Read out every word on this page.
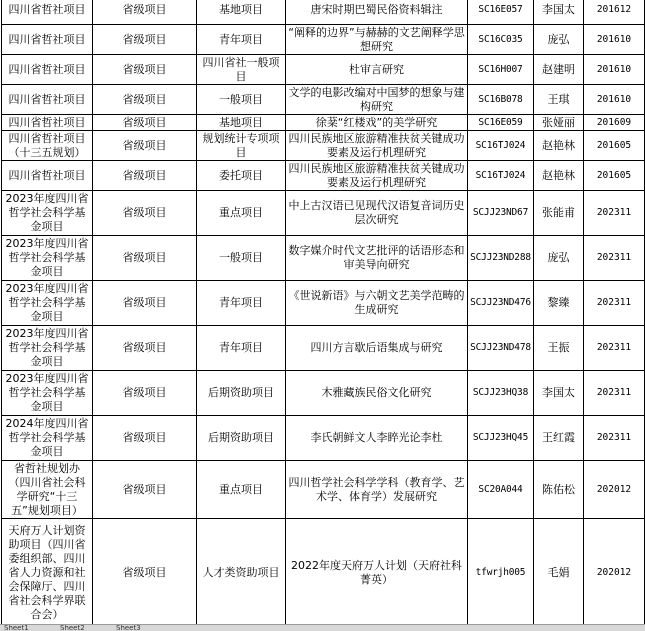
四川省哲社项目	省级项目	基地项目	唐宋时期巴蜀民俗资料辑注	SC16E057	李国太	201612
四川省哲社项目	省级项目	青年项目	“阐释的边界”与赫赫的文艺阐释学思想研究	SC16C035	庞弘	201610
四川省哲社项目	省级项目	四川省社一般项目	杜审言研究	SC16H007	赵建明	201610
四川省哲社项目	省级项目	一般项目	文学的电影改编对中国梦的想象与建构研究	SC16B078	王琪	201610
四川省哲社项目	省级项目	基地项目	徐棻“红楼戏”的美学研究	SC16E059	张娅丽	201609
四川省哲社项目（十三五规划）	省级项目	规划统计专项项目	四川民族地区旅游精准扶贫关键成功要素及运行机理研究	SC16TJ024	赵艳林	201605
四川省哲社项目	省级项目	委托项目	四川民族地区旅游精准扶贫关键成功要素及运行机理研究	SC16TJ024	赵艳林	201605
2023年度四川省哲学社会科学基金项目	省级项目	重点项目	中上古汉语已见现代汉语复音词历史层次研究	SCJJ23ND67	张能甫	202311
2023年度四川省哲学社会科学基金项目	省级项目	一般项目	数字媒介时代文艺批评的话语形态和审美导向研究	SCJJ23ND288	庞弘	202311
2023年度四川省哲学社会科学基金项目	省级项目	青年项目	《世说新语》与六朝文艺美学范畴的生成研究	SCJJ23ND476	黎臻	202311
2023年度四川省哲学社会科学基金项目	省级项目	青年项目	四川方言歇后语集成与研究	SCJJ23ND478	王振	202311
2023年度四川省哲学社会科学基金项目	省级项目	后期资助项目	木雅藏族民俗文化研究	SCJJ23HQ38	李国太	202311
2024年度四川省哲学社会科学基金项目	省级项目	后期资助项目	李氏朝鲜文人李睟光论李杜	SCJJ23HQ45	王红霞	202311
省哲社规划办（四川省社会科学研究“十三五”规划项目）	省级项目	重点项目	四川哲学社会科学学科（教育学、艺术学、体育学）发展研究	SC20A044	陈佑松	202012
天府万人计划资助项目（四川省委组织部、四川省人力资源和社会保障厅、四川省社会科学界联合会）	省级项目	人才类资助项目	2022年度天府万人计划（天府社科菁英）	tfwrjh005	毛娟	202012
Sheet1	Sheet2	Sheet3
